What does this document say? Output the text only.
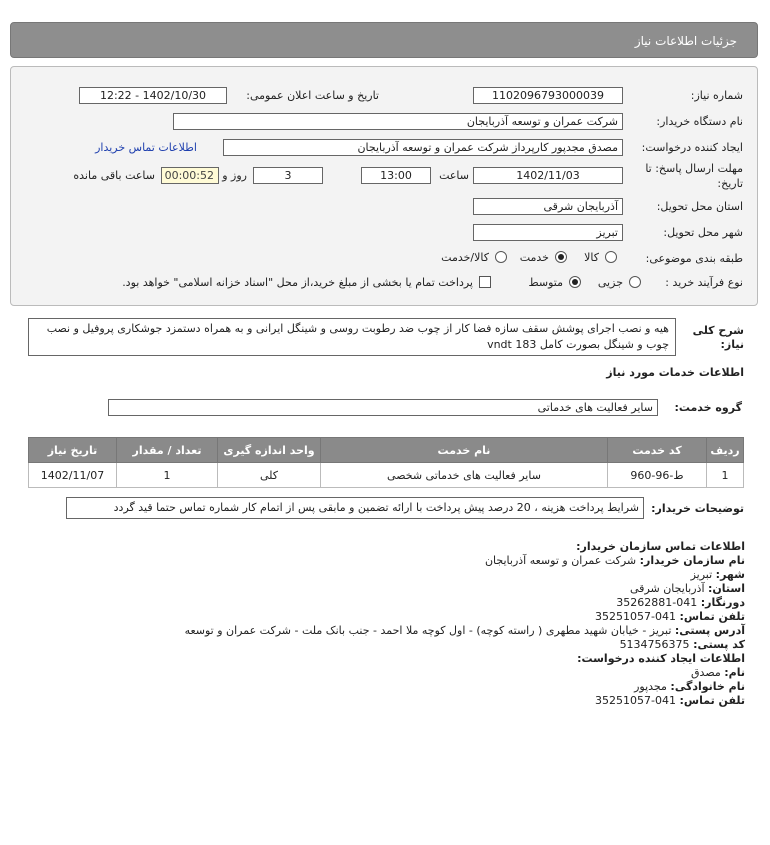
جزئیات اطلاعات نیاز
شماره نیاز:
1102096793000039
تاریخ و ساعت اعلان عمومی:
1402/10/30 - 12:22
نام دستگاه خریدار:
شرکت عمران و توسعه آذربایجان
ایجاد کننده درخواست:
مصدق مجدپور کارپرداز شرکت عمران و توسعه آذربایجان
اطلاعات تماس خریدار
مهلت ارسال پاسخ: تا
تاریخ:
1402/11/03
ساعت
13:00
3
روز و
00:00:52
ساعت باقی مانده
استان محل تحویل:
آذربایجان شرقی
شهر محل تحویل:
تبریز
طبقه بندی موضوعی:
کالا
خدمت
کالا/خدمت
نوع فرآیند خرید :
جزیی
متوسط
پرداخت تمام یا بخشی از مبلغ خرید،از محل "اسناد خزانه اسلامی" خواهد بود.
شرح کلی
نیاز:
هیه و نصب اجرای پوشش سقف سازه فضا کار از چوب ضد رطوبت روسی و شینگل ایرانی و به همراه دستمزد جوشکاری پروفیل و نصب چوب و شینگل بصورت کامل vndt 183
اطلاعات خدمات مورد نیاز
گروه خدمت:
سایر فعالیت های خدماتی
ردیف	کد خدمت	نام خدمت	واحد اندازه گیری	تعداد / مقدار	تاریخ نیاز
1	ط-96-960	سایر فعالیت های خدماتی شخصی	کلی	1	1402/11/07
توضیحات خریدار:
شرایط پرداخت هزینه ، 20 درصد پیش پرداخت با ارائه تضمین و مابقی پس از اتمام کار شماره تماس حتما قید گردد
اطلاعات تماس سازمان خریدار:
نام سازمان خریدار: شرکت عمران و توسعه آذربایجان
شهر: تبریز
استان: آذربایجان شرقی
دورنگار: 041-35262881
تلفن تماس: 041-35251057
آدرس پستی: تبریز - خیابان شهید مطهری ( راسته کوچه) - اول کوچه ملا احمد - جنب بانک ملت - شرکت عمران و توسعه
کد پستی: 5134756375
اطلاعات ایجاد کننده درخواست:
نام: مصدق
نام خانوادگی: مجدپور
تلفن تماس: 041-35251057
